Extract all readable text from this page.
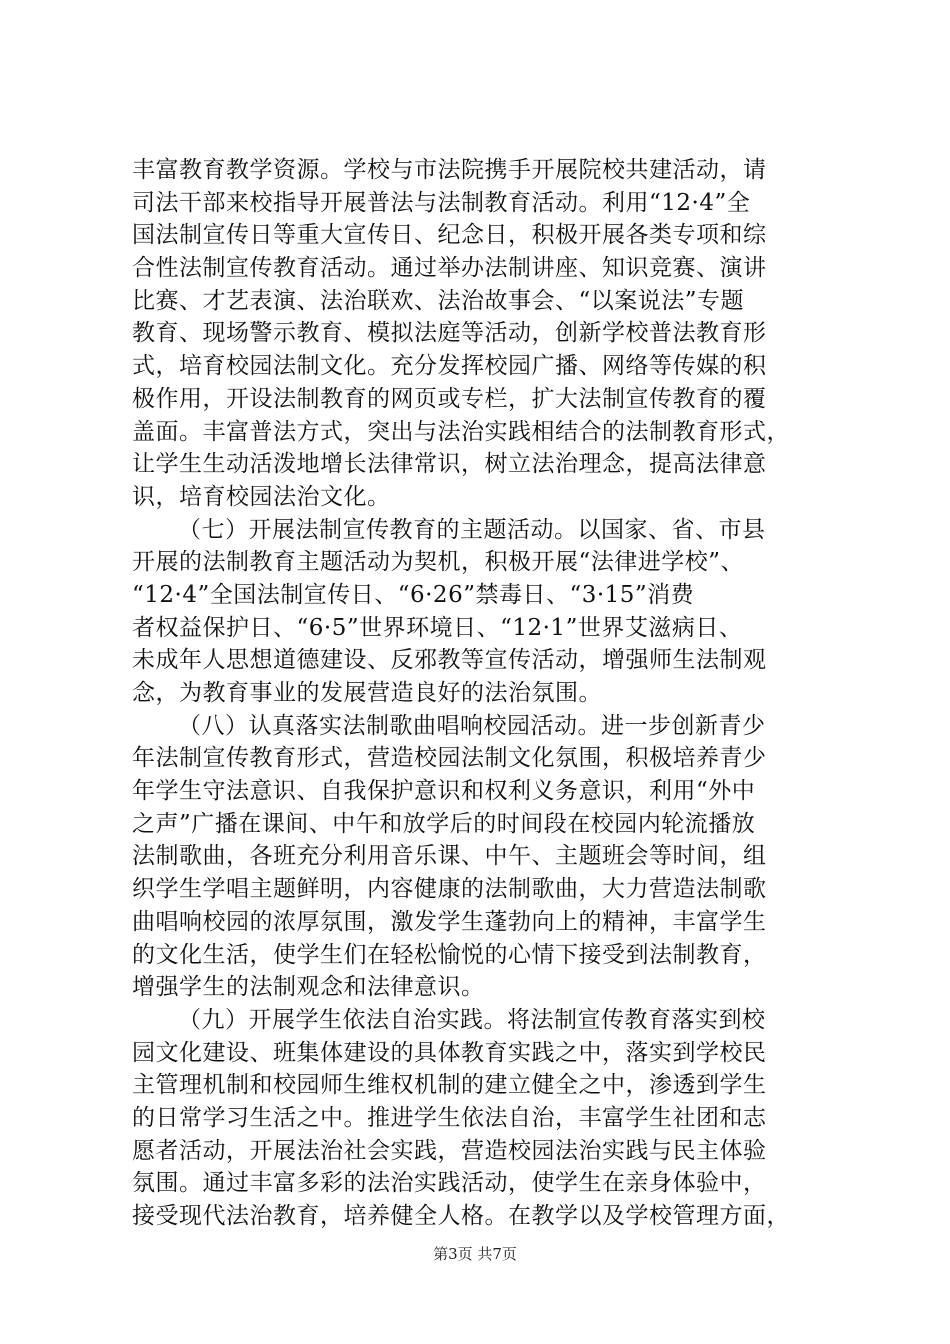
丰富教育教学资源。学校与市法院携手开展院校共建活动，请
司法干部来校指导开展普法与法制教育活动。利用“12·4”全
国法制宣传日等重大宣传日、纪念日，积极开展各类专项和综
合性法制宣传教育活动。通过举办法制讲座、知识竞赛、演讲
比赛、才艺表演、法治联欢、法治故事会、“以案说法”专题
教育、现场警示教育、模拟法庭等活动，创新学校普法教育形
式，培育校园法制文化。充分发挥校园广播、网络等传媒的积
极作用，开设法制教育的网页或专栏，扩大法制宣传教育的覆
盖面。丰富普法方式，突出与法治实践相结合的法制教育形式，
让学生生动活泼地增长法律常识，树立法治理念，提高法律意
识，培育校园法治文化。
（七）开展法制宣传教育的主题活动。以国家、省、市县
开展的法制教育主题活动为契机，积极开展“法律进学校”、
“12·4”全国法制宣传日、“6·26”禁毒日、“3·15”消费
者权益保护日、“6·5”世界环境日、“12·1”世界艾滋病日、
未成年人思想道德建设、反邪教等宣传活动，增强师生法制观
念，为教育事业的发展营造良好的法治氛围。
（八）认真落实法制歌曲唱响校园活动。进一步创新青少
年法制宣传教育形式，营造校园法制文化氛围，积极培养青少
年学生守法意识、自我保护意识和权利义务意识，利用“外中
之声”广播在课间、中午和放学后的时间段在校园内轮流播放
法制歌曲，各班充分利用音乐课、中午、主题班会等时间，组
织学生学唱主题鲜明，内容健康的法制歌曲，大力营造法制歌
曲唱响校园的浓厚氛围，激发学生蓬勃向上的精神，丰富学生
的文化生活，使学生们在轻松愉悦的心情下接受到法制教育，
增强学生的法制观念和法律意识。
（九）开展学生依法自治实践。将法制宣传教育落实到校
园文化建设、班集体建设的具体教育实践之中，落实到学校民
主管理机制和校园师生维权机制的建立健全之中，渗透到学生
的日常学习生活之中。推进学生依法自治，丰富学生社团和志
愿者活动，开展法治社会实践，营造校园法治实践与民主体验
氛围。通过丰富多彩的法治实践活动，使学生在亲身体验中，
接受现代法治教育，培养健全人格。在教学以及学校管理方面，
第3页 共7页
